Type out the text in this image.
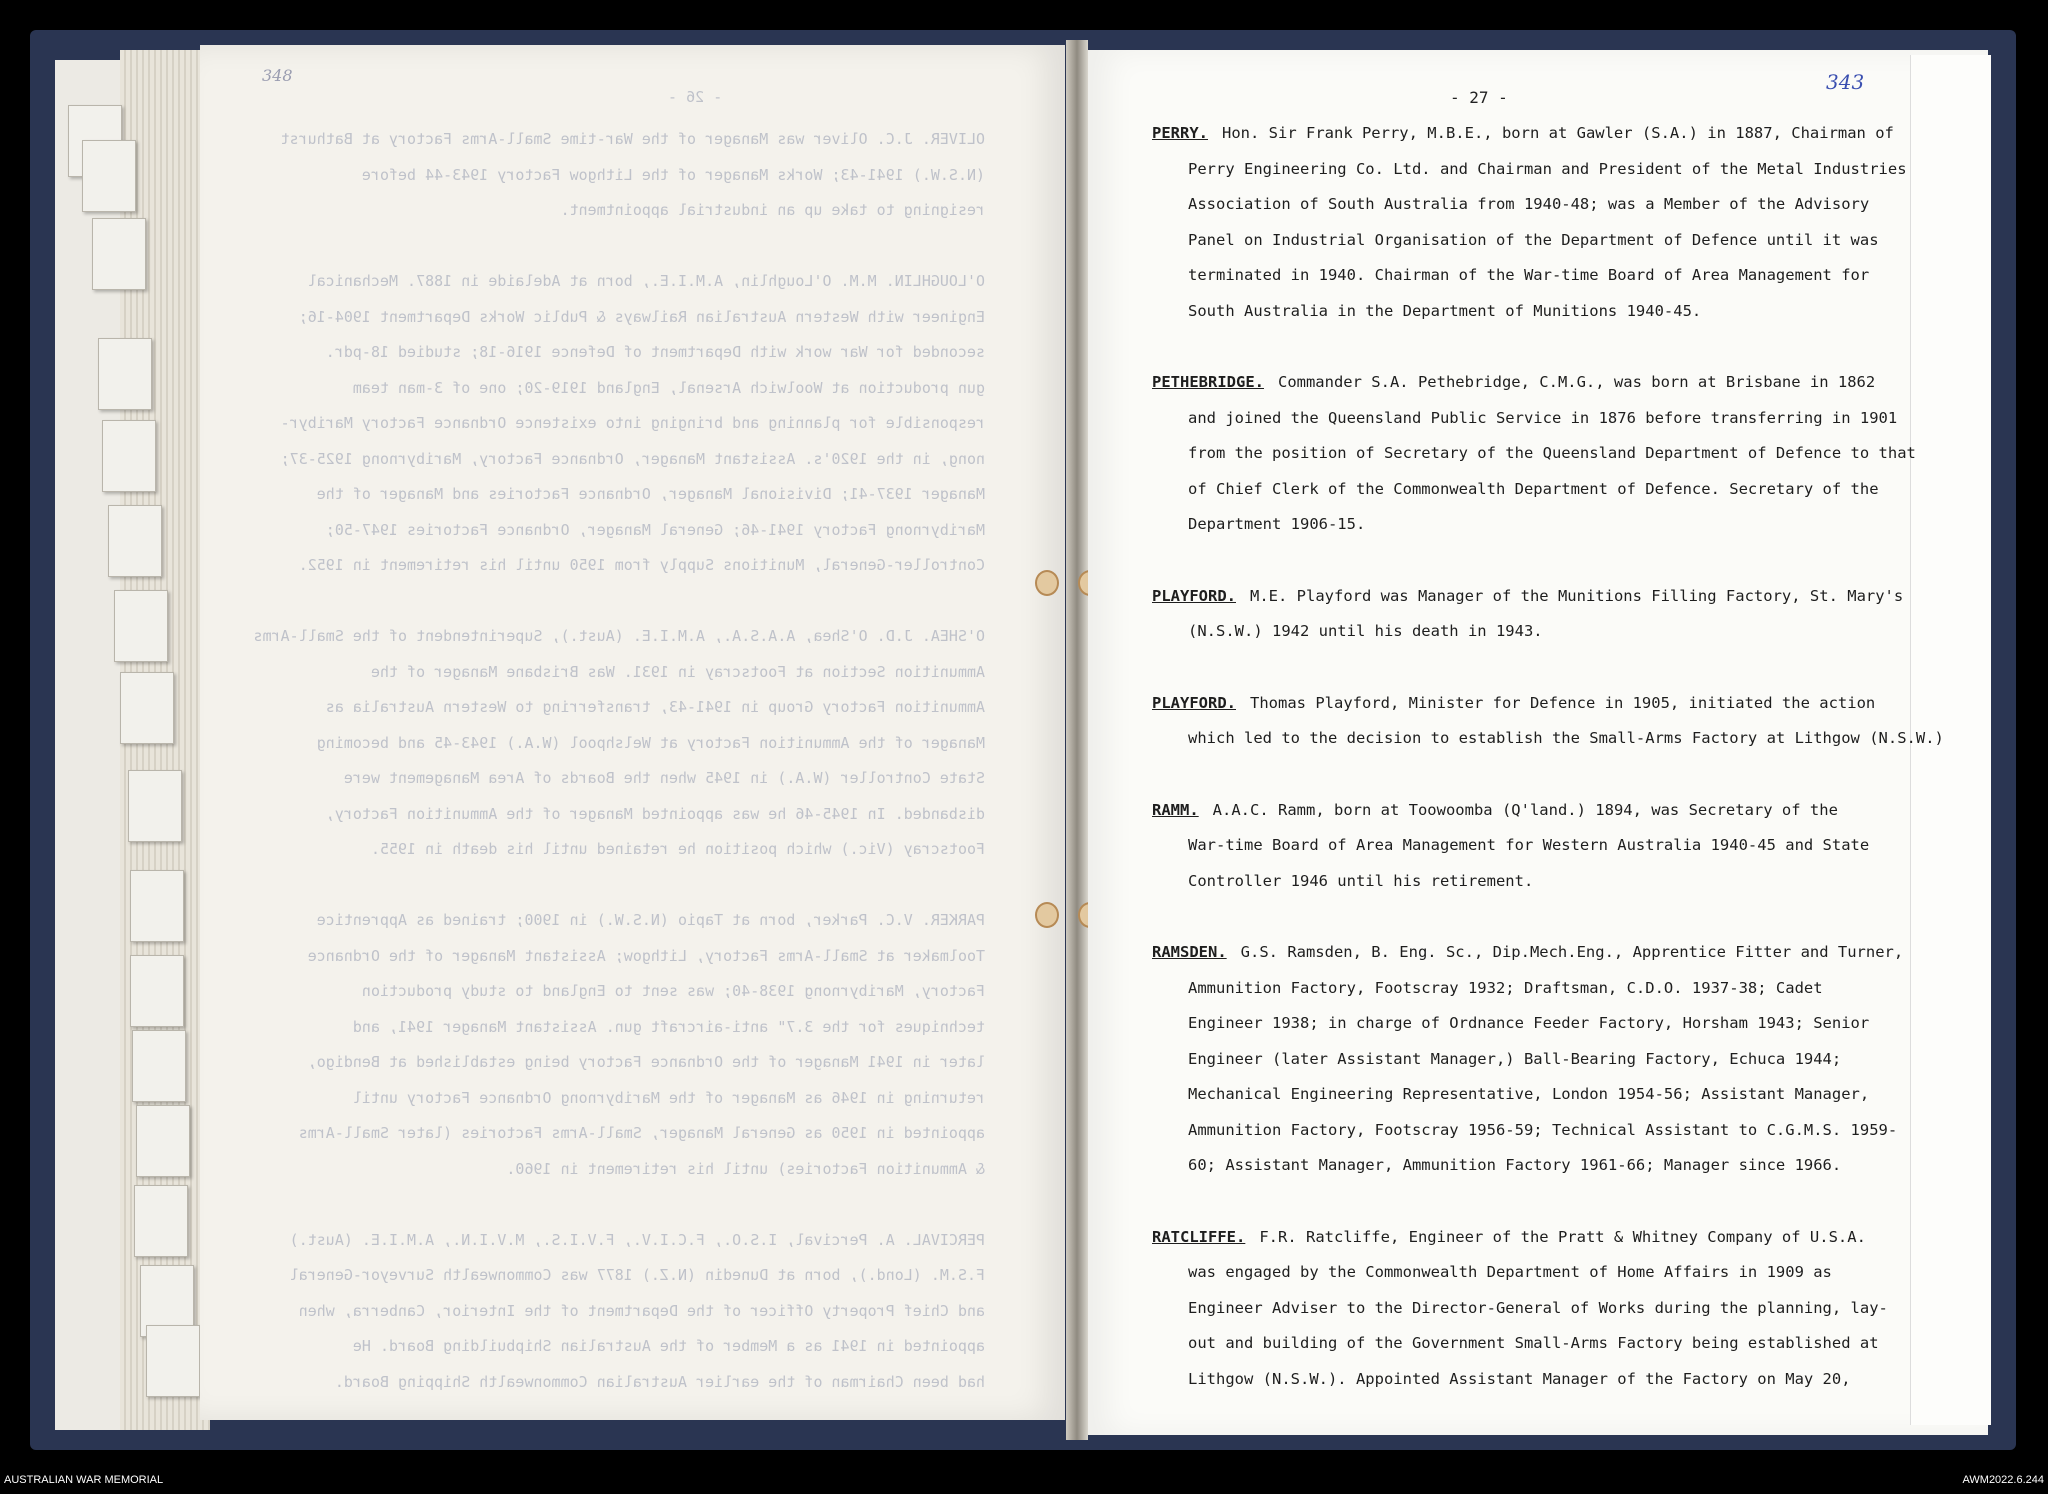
348
- 26 -
OLIVER. J.C. Oliver was Manager of the War-time Small-Arms Factory at Bathurst
(N.S.W.) 1941-43; Works Manager of the Lithgow Factory 1943-44 before
resigning to take up an industrial appointment.
O'LOUGHLIN. M.M. O'Loughlin, A.M.I.E., born at Adelaide in 1887. Mechanical
Engineer with Western Australian Railways & Public Works Department 1904-16;
seconded for War work with Department of Defence 1916-18; studied 18-pdr.
gun production at Woolwich Arsenal, England 1919-20; one of 3-man team
responsible for planning and bringing into existence Ordnance Factory Maribyr-
nong, in the 1920's. Assistant Manager, Ordnance Factory, Maribyrnong 1925-37;
Manager 1937-41; Divisional Manager, Ordnance Factories and Manager of the
Maribyrnong Factory 1941-46; General Manager, Ordnance Factories 1947-50;
Controller-General, Munitions Supply from 1950 until his retirement in 1952.
O'SHEA. J.D. O'Shea, A.A.S.A., A.M.I.E. (Aust.), Superintendent of the Small-Arms
Ammunition Section at Footscray in 1931. Was Brisbane Manager of the
Ammunition Factory Group in 1941-43, transferring to Western Australia as
Manager of the Ammunition Factory at Welshpool (W.A.) 1943-45 and becoming
State Controller (W.A.) in 1945 when the Boards of Area Management were
disbanded. In 1945-46 he was appointed Manager of the Ammunition Factory,
Footscray (Vic.) which position he retained until his death in 1955.
PARKER. V.C. Parker, born at Tapio (N.S.W.) in 1900; trained as Apprentice
Toolmaker at Small-Arms Factory, Lithgow; Assistant Manager of the Ordnance
Factory, Maribyrnong 1938-40; was sent to England to study production
techniques for the 3.7" anti-aircraft gun. Assistant Manager 1941, and
later in 1941 Manager of the Ordnance Factory being established at Bendigo,
returning in 1946 as Manager of the Maribyrnong Ordnance Factory until
appointed in 1950 as General Manager, Small-Arms Factories (later Small-Arms
& Ammunition Factories) until his retirement in 1960.
PERCIVAL. A. Percival, I.S.O., F.C.I.V., F.V.I.S., M.V.I.N., A.M.I.E. (Aust.)
F.S.M. (Lond.), born at Dunedin (N.Z.) 1877 was Commonwealth Surveyor-General
and Chief Property Officer of the Department of the Interior, Canberra, when
appointed in 1941 as a Member of the Australian Shipbuilding Board. He
had been Chairman of the earlier Australian Commonwealth Shipping Board.
- 27 -
343
PERRY. Hon. Sir Frank Perry, M.B.E., born at Gawler (S.A.) in 1887, Chairman of
Perry Engineering Co. Ltd. and Chairman and President of the Metal Industries
Association of South Australia from 1940-48; was a Member of the Advisory
Panel on Industrial Organisation of the Department of Defence until it was
terminated in 1940. Chairman of the War-time Board of Area Management for
South Australia in the Department of Munitions 1940-45.
PETHEBRIDGE. Commander S.A. Pethebridge, C.M.G., was born at Brisbane in 1862
and joined the Queensland Public Service in 1876 before transferring in 1901
from the position of Secretary of the Queensland Department of Defence to that
of Chief Clerk of the Commonwealth Department of Defence. Secretary of the
Department 1906-15.
PLAYFORD. M.E. Playford was Manager of the Munitions Filling Factory, St. Mary's
(N.S.W.) 1942 until his death in 1943.
PLAYFORD. Thomas Playford, Minister for Defence in 1905, initiated the action
which led to the decision to establish the Small-Arms Factory at Lithgow (N.S.W.)
RAMM. A.A.C. Ramm, born at Toowoomba (Q'land.) 1894, was Secretary of the
War-time Board of Area Management for Western Australia 1940-45 and State
Controller 1946 until his retirement.
RAMSDEN. G.S. Ramsden, B. Eng. Sc., Dip.Mech.Eng., Apprentice Fitter and Turner,
Ammunition Factory, Footscray 1932; Draftsman, C.D.O. 1937-38; Cadet
Engineer 1938; in charge of Ordnance Feeder Factory, Horsham 1943; Senior
Engineer (later Assistant Manager,) Ball-Bearing Factory, Echuca 1944;
Mechanical Engineering Representative, London 1954-56; Assistant Manager,
Ammunition Factory, Footscray 1956-59; Technical Assistant to C.G.M.S. 1959-
60; Assistant Manager, Ammunition Factory 1961-66; Manager since 1966.
RATCLIFFE. F.R. Ratcliffe, Engineer of the Pratt & Whitney Company of U.S.A.
was engaged by the Commonwealth Department of Home Affairs in 1909 as
Engineer Adviser to the Director-General of Works during the planning, lay-
out and building of the Government Small-Arms Factory being established at
Lithgow (N.S.W.). Appointed Assistant Manager of the Factory on May 20,
AUSTRALIAN WAR MEMORIAL	AWM2022.6.244
